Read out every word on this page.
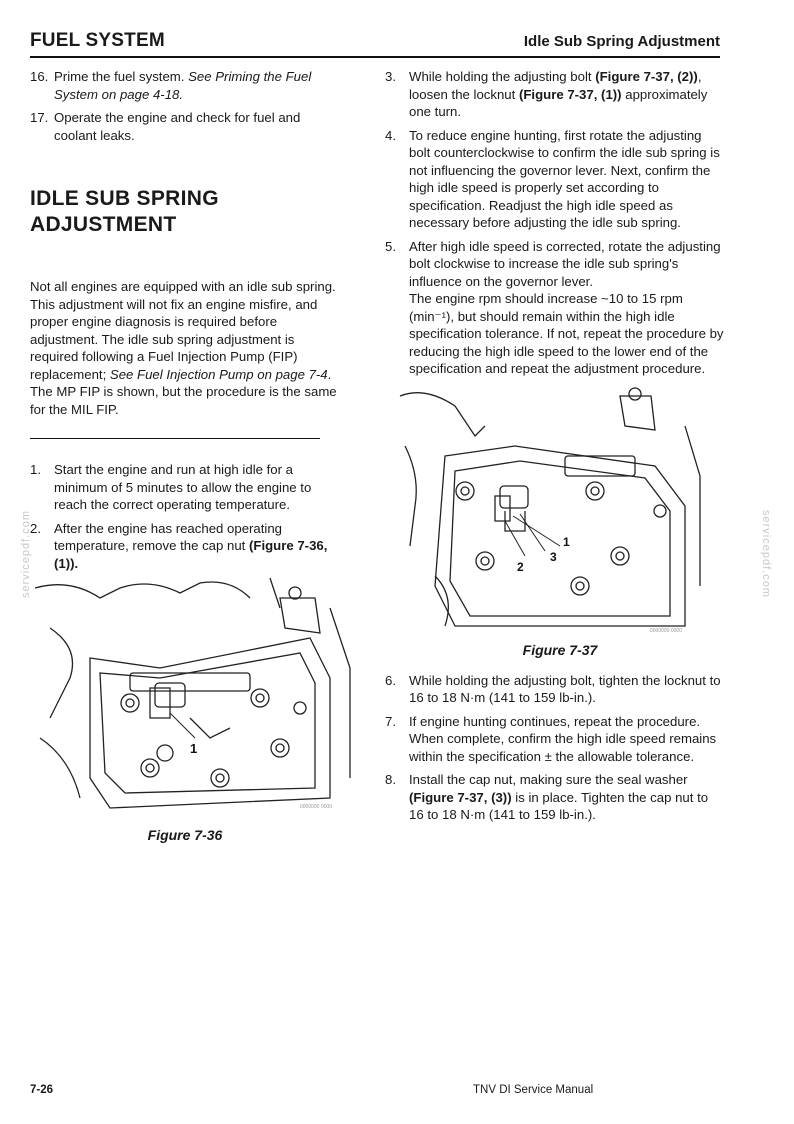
FUEL SYSTEM	Idle Sub Spring Adjustment
servicepdf.com	servicepdf.com
16. Prime the fuel system. See Priming the Fuel System on page 4-18.
17. Operate the engine and check for fuel and coolant leaks.
IDLE SUB SPRING
ADJUSTMENT
Not all engines are equipped with an idle sub spring. This adjustment will not fix an engine misfire, and proper engine diagnosis is required before adjustment. The idle sub spring adjustment is required following a Fuel Injection Pump (FIP) replacement; See Fuel Injection Pump on page 7-4. The MP FIP is shown, but the procedure is the same for the MIL FIP.
1. Start the engine and run at high idle for a minimum of 5 minutes to allow the engine to reach the correct operating temperature.
2. After the engine has reached operating temperature, remove the cap nut (Figure 7-36, (1)).
1
0000000 0000
Figure 7-36
3. While holding the adjusting bolt (Figure 7-37, (2)), loosen the locknut (Figure 7-37, (1)) approximately one turn.
4. To reduce engine hunting, first rotate the adjusting bolt counterclockwise to confirm the idle sub spring is not influencing the governor lever. Next, confirm the high idle speed is properly set according to specification. Readjust the high idle speed as necessary before adjusting the idle sub spring.
5. After high idle speed is corrected, rotate the adjusting bolt clockwise to increase the idle sub spring's influence on the governor lever.
The engine rpm should increase ~10 to 15 rpm (min⁻¹), but should remain within the high idle specification tolerance. If not, repeat the procedure by reducing the high idle speed to the lower end of the specification and repeat the adjustment procedure.
1
2
3
0000000 0000
Figure 7-37
6. While holding the adjusting bolt, tighten the locknut to 16 to 18 N·m (141 to 159 lb-in.).
7. If engine hunting continues, repeat the procedure. When complete, confirm the high idle speed remains within the specification ± the allowable tolerance.
8. Install the cap nut, making sure the seal washer (Figure 7-37, (3)) is in place. Tighten the cap nut to 16 to 18 N·m (141 to 159 lb-in.).
7-26	TNV DI Service Manual
